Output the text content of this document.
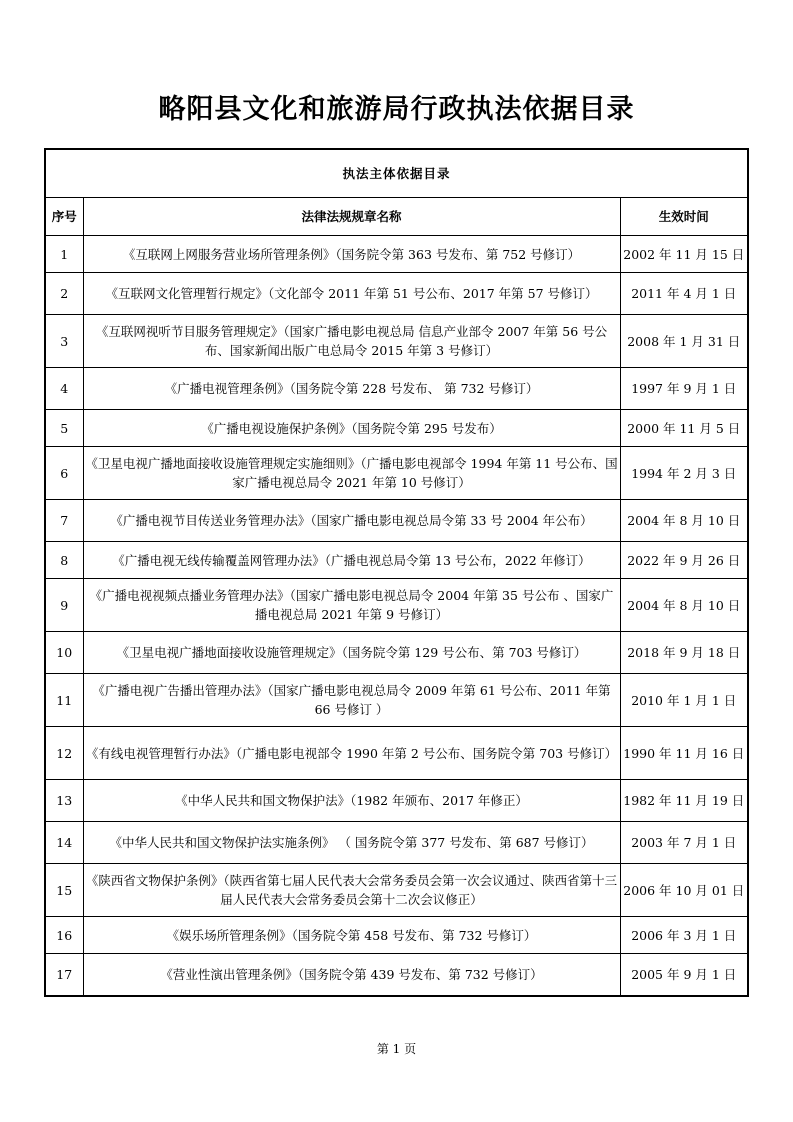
略阳县文化和旅游局行政执法依据目录
执法主体依据目录		
序号	法律法规规章名称	生效时间
1	《互联网上网服务营业场所管理条例》（国务院令第 363 号发布、第 752 号修订）	2002 年 11 月 15 日
2	《互联网文化管理暂行规定》（文化部令 2011 年第 51 号公布、2017 年第 57 号修订）	2011 年 4 月 1 日
3	《互联网视听节目服务管理规定》（国家广播电影电视总局 信息产业部令 2007 年第 56 号公布、国家新闻出版广电总局令 2015 年第 3 号修订）	2008 年 1 月 31 日
4	《广播电视管理条例》（国务院令第 228 号发布、 第 732 号修订）	1997 年 9 月 1 日
5	《广播电视设施保护条例》（国务院令第 295 号发布）	2000 年 11 月 5 日
6	《卫星电视广播地面接收设施管理规定实施细则》（广播电影电视部令 1994 年第 11 号公布、国家广播电视总局令 2021 年第 10 号修订）	1994 年 2 月 3 日
7	《广播电视节目传送业务管理办法》（国家广播电影电视总局令第 33 号 2004 年公布）	2004 年 8 月 10 日
8	《广播电视无线传输覆盖网管理办法》（广播电视总局令第 13 号公布，2022 年修订）	2022 年 9 月 26 日
9	《广播电视视频点播业务管理办法》（国家广播电影电视总局令 2004 年第 35 号公布 、国家广播电视总局 2021 年第 9 号修订）	2004 年 8 月 10 日
10	《卫星电视广播地面接收设施管理规定》（国务院令第 129 号公布、第 703 号修订）	2018 年 9 月 18 日
11	《广播电视广告播出管理办法》（国家广播电影电视总局令 2009 年第 61 号公布、2011 年第 66 号修订 ）	2010 年 1 月 1 日
12	《有线电视管理暂行办法》（广播电影电视部令 1990 年第 2 号公布、国务院令第 703 号修订）	1990 年 11 月 16 日
13	《中华人民共和国文物保护法》（1982 年颁布、2017 年修正）	1982 年 11 月 19 日
14	《中华人民共和国文物保护法实施条例》 （ 国务院令第 377 号发布、第 687 号修订）	2003 年 7 月 1 日
15	《陕西省文物保护条例》（陕西省第七届人民代表大会常务委员会第一次会议通过、陕西省第十三届人民代表大会常务委员会第十二次会议修正）	2006 年 10 月 01 日
16	《娱乐场所管理条例》（国务院令第 458 号发布、第 732 号修订）	2006 年 3 月 1 日
17	《营业性演出管理条例》（国务院令第 439 号发布、第 732 号修订）	2005 年 9 月 1 日
第 1 页
